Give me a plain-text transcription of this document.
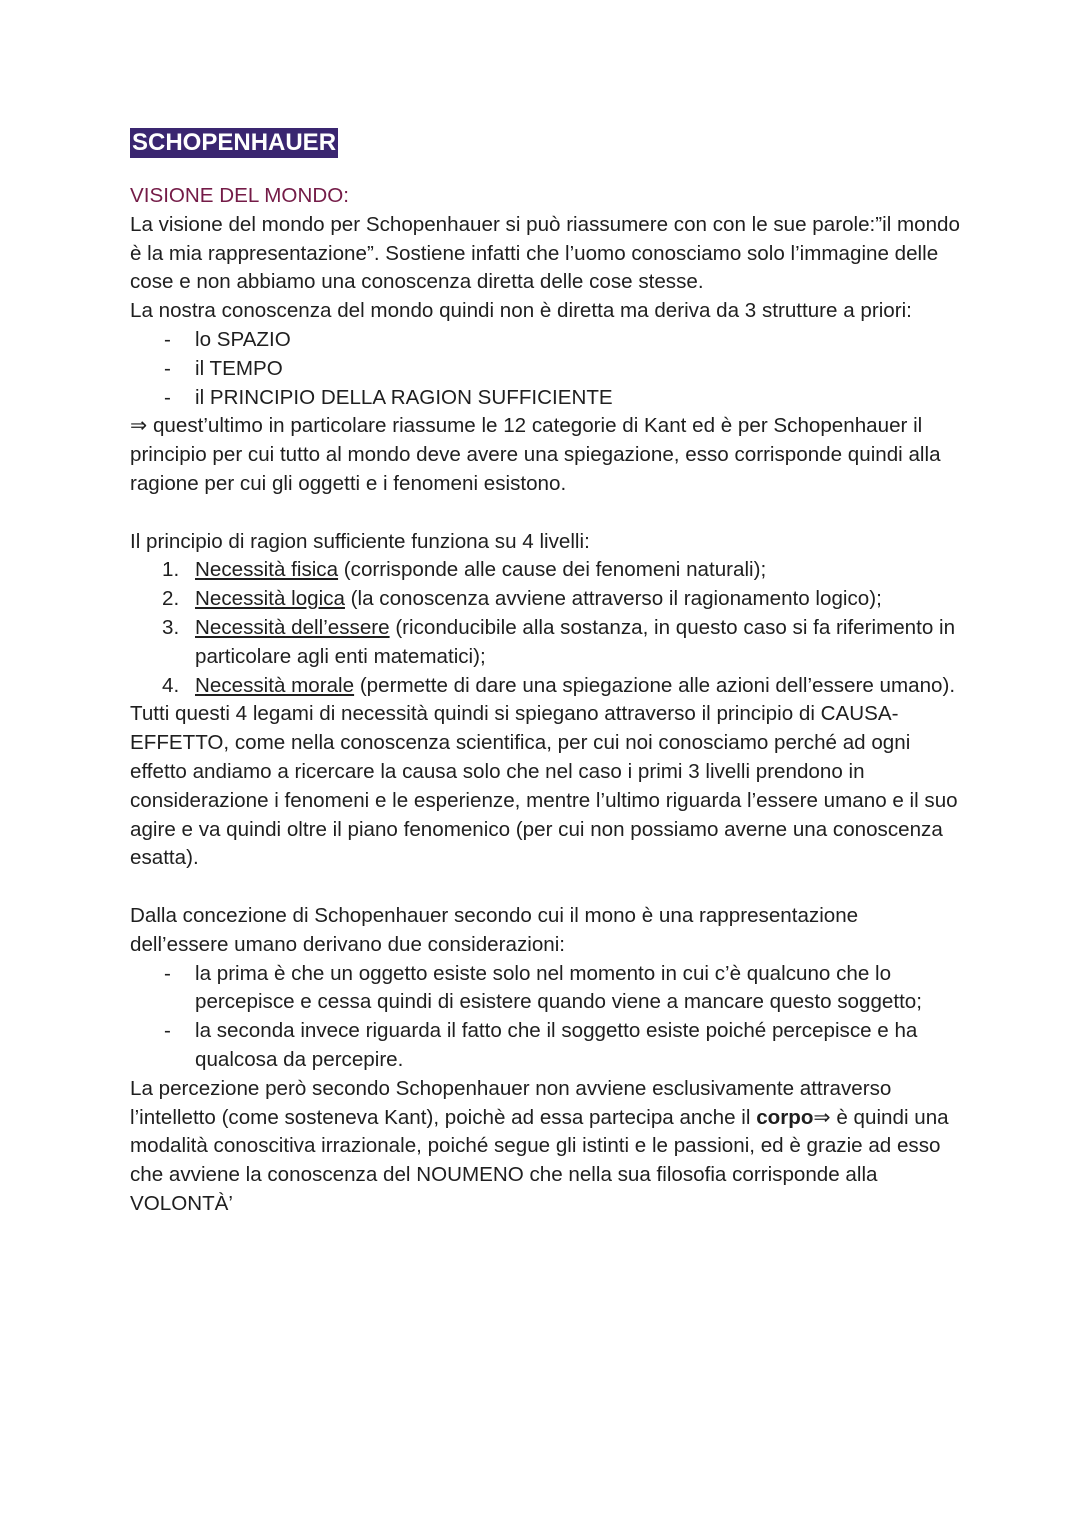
SCHOPENHAUER

VISIONE DEL MONDO:

La visione del mondo per Schopenhauer si può riassumere con con le sue parole:”il mondo è la mia rappresentazione”. Sostiene infatti che l’uomo conosciamo solo l’immagine delle cose e non abbiamo una conoscenza diretta delle cose stesse.

La nostra conoscenza del mondo quindi non è diretta ma deriva da 3 strutture a priori:

- lo SPAZIO
- il TEMPO
- il PRINCIPIO DELLA RAGION SUFFICIENTE

⇒ quest’ultimo in particolare riassume le 12 categorie di Kant ed è per Schopenhauer il principio per cui tutto al mondo deve avere una spiegazione, esso corrisponde quindi alla ragione per cui gli oggetti e i fenomeni esistono.

Il principio di ragion sufficiente funziona su 4 livelli:

1. Necessità fisica (corrisponde alle cause dei fenomeni naturali);
2. Necessità logica (la conoscenza avviene attraverso il ragionamento logico);
3. Necessità dell’essere (riconducibile alla sostanza, in questo caso si fa riferimento in particolare agli enti matematici);
4. Necessità morale (permette di dare una spiegazione alle azioni dell’essere umano).

Tutti questi 4 legami di necessità quindi si spiegano attraverso il principio di CAUSA-EFFETTO, come nella conoscenza scientifica, per cui noi conosciamo perché ad ogni effetto andiamo a ricercare la causa solo che nel caso i primi 3 livelli prendono in considerazione i fenomeni e le esperienze, mentre l’ultimo riguarda l’essere umano e il suo agire e va quindi oltre il piano fenomenico (per cui non possiamo averne una conoscenza esatta).

Dalla concezione di Schopenhauer secondo cui il mono è una rappresentazione dell’essere umano derivano due considerazioni:

- la prima è che un oggetto esiste solo nel momento in cui c’è qualcuno che lo percepisce e cessa quindi di esistere quando viene a mancare questo soggetto;
- la seconda invece riguarda il fatto che il soggetto esiste poiché percepisce e ha qualcosa da percepire.

La percezione però secondo Schopenhauer non avviene esclusivamente attraverso l’intelletto (come sosteneva Kant), poichè ad essa partecipa anche il corpo⇒ è quindi una modalità conoscitiva irrazionale, poiché segue gli istinti e le passioni, ed è grazie ad esso che avviene la conoscenza del NOUMENO che nella sua filosofia corrisponde alla VOLONTÀ’
